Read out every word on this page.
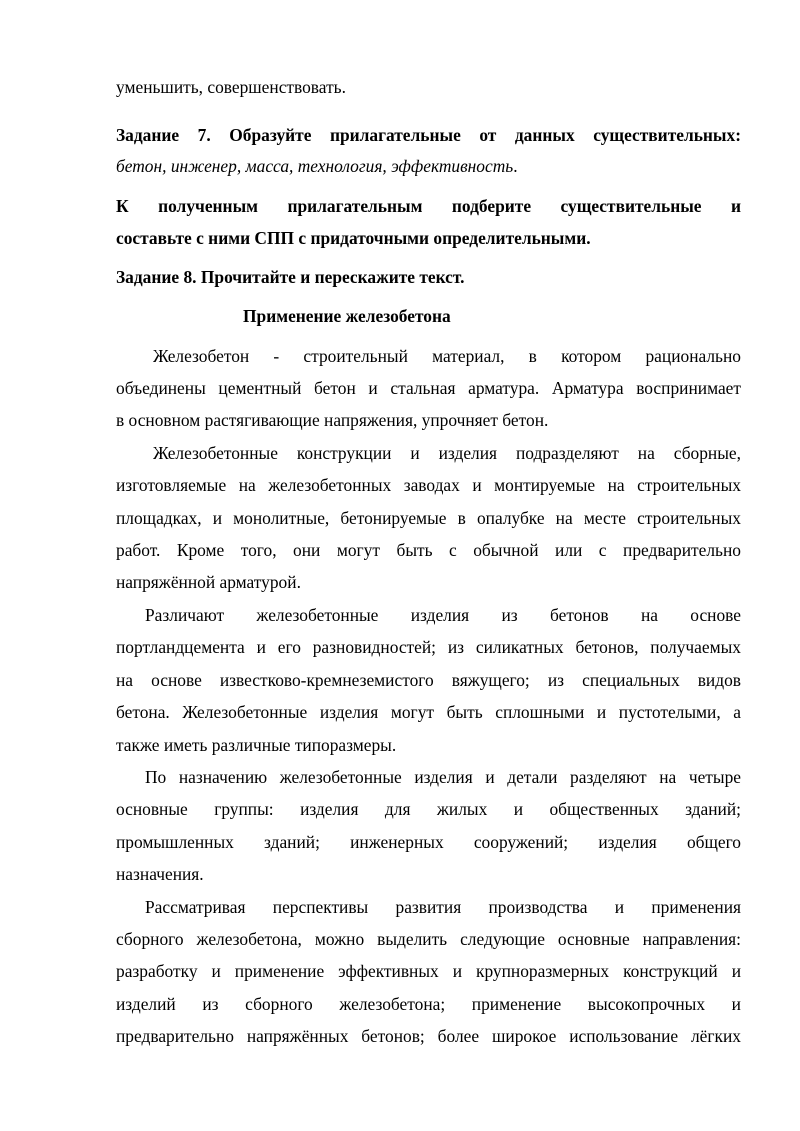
уменьшить, совершенствовать.
Задание 7. Образуйте прилагательные от данных существительных:
бетон, инженер, масса, технология, эффективность.
К полученным прилагательным подберите существительные и
составьте с ними СПП с придаточными определительными.
Задание 8. Прочитайте и перескажите текст.
Применение железобетона
Железобетон - строительный материал, в котором рационально
объединены цементный бетон и стальная арматура. Арматура воспринимает
в основном растягивающие напряжения, упрочняет бетон.
Железобетонные конструкции и изделия подразделяют на сборные,
изготовляемые на железобетонных заводах и монтируемые на строительных
площадках, и монолитные, бетонируемые в опалубке на месте строительных
работ. Кроме того, они могут быть с обычной или с предварительно
напряжённой арматурой.
Различают железобетонные изделия из бетонов на основе
портландцемента и его разновидностей; из силикатных бетонов, получаемых
на основе известково-кремнеземистого вяжущего; из специальных видов
бетона. Железобетонные изделия могут быть сплошными и пустотелыми, а
также иметь различные типоразмеры.
По назначению железобетонные изделия и детали разделяют на четыре
основные группы: изделия для жилых и общественных зданий;
промышленных зданий; инженерных сооружений; изделия общего
назначения.
Рассматривая перспективы развития производства и применения
сборного железобетона, можно выделить следующие основные направления:
разработку и применение эффективных и крупноразмерных конструкций и
изделий из сборного железобетона; применение высокопрочных и
предварительно напряжённых бетонов; более широкое использование лёгких
